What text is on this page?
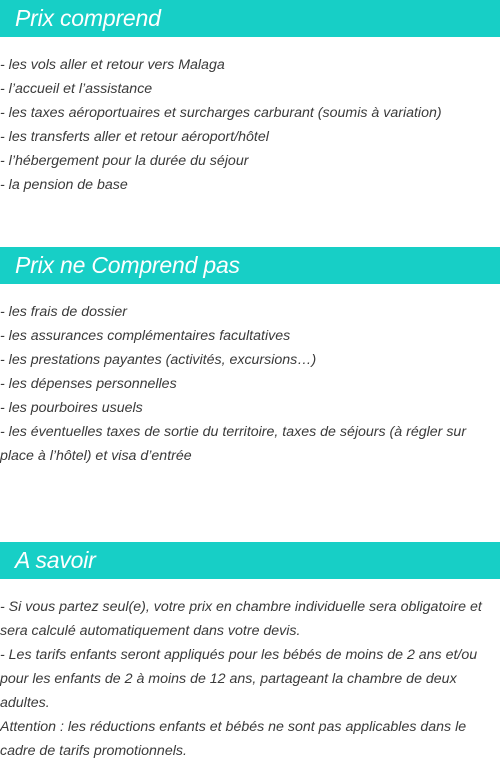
Prix comprend
- les vols aller et retour vers Malaga
- l’accueil et l’assistance
- les taxes aéroportuaires et surcharges carburant (soumis à variation)
- les transferts aller et retour aéroport/hôtel
- l’hébergement pour la durée du séjour
- la pension de base
Prix ne Comprend pas
- les frais de dossier
- les assurances complémentaires facultatives
- les prestations payantes (activités, excursions…)
- les dépenses personnelles
- les pourboires usuels
- les éventuelles taxes de sortie du territoire, taxes de séjours (à régler sur place à l’hôtel) et visa d’entrée
A savoir

- Si vous partez seul(e), votre prix en chambre individuelle sera obligatoire et sera calculé automatiquement dans votre devis.

- Les tarifs enfants seront appliqués pour les bébés de moins de 2 ans et/ou pour les enfants de 2 à moins de 12 ans, partageant la chambre de deux adultes.

Attention : les réductions enfants et bébés ne sont pas applicables dans le cadre de tarifs promotionnels.
